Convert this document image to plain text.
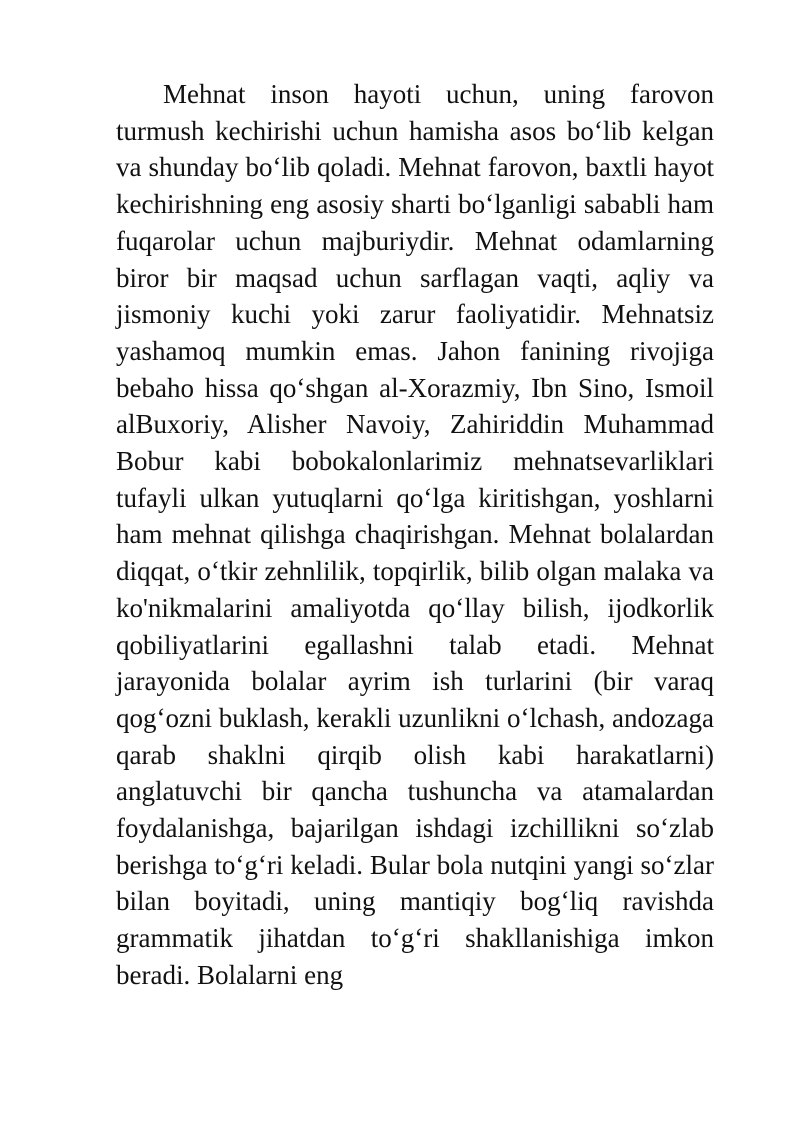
Mehnat inson hayoti uchun, uning farovon turmush kechirishi uchun hamisha asos bo‘lib kelgan va shunday bo‘lib qoladi. Mehnat farovon, baxtli hayot kechirishning eng asosiy sharti bo‘lganligi sababli ham fuqarolar uchun majburiydir. Mehnat odamlarning biror bir maqsad uchun sarflagan vaqti, aqliy va jismoniy kuchi yoki zarur faoliyatidir. Mehnatsiz yashamoq mumkin emas. Jahon fanining rivojiga bebaho hissa qo‘shgan al-Xorazmiy, Ibn Sino, Ismoil alBuxoriy, Alisher Navoiy, Zahiriddin Muhammad Bobur kabi bobokalonlarimiz mehnatsevarliklari tufayli ulkan yutuqlarni qo‘lga kiritishgan, yoshlarni ham mehnat qilishga chaqirishgan. Mehnat bolalardan diqqat, o‘tkir zehnlilik, topqirlik, bilib olgan malaka va ko'nikmalarini amaliyotda qo‘llay bilish, ijodkorlik qobiliyatlarini egallashni talab etadi. Mehnat jarayonida bolalar ayrim ish turlarini (bir varaq qog‘ozni buklash, kerakli uzunlikni o‘lchash, andozaga qarab shaklni qirqib olish kabi harakatlarni) anglatuvchi bir qancha tushuncha va atamalardan foydalanishga, bajarilgan ishdagi izchillikni so‘zlab berishga to‘g‘ri keladi. Bular bola nutqini yangi so‘zlar bilan boyitadi, uning mantiqiy bog‘liq ravishda grammatik jihatdan to‘g‘ri shakllanishiga imkon beradi. Bolalarni eng
